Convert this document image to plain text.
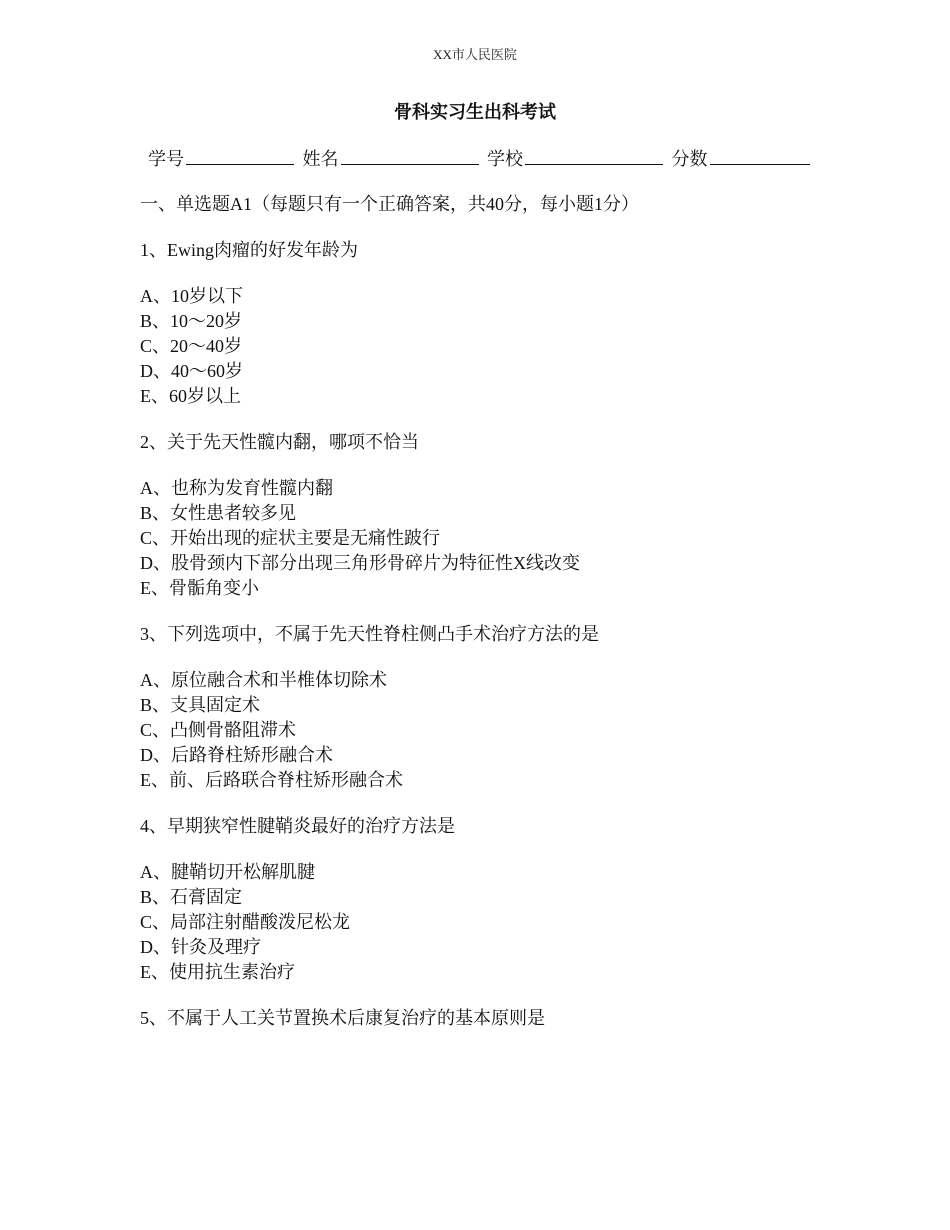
XX市人民医院
骨科实习生出科考试
学号	姓名	学校	分数
一、单选题A1（每题只有一个正确答案，共40分，每小题1分）
1、Ewing肉瘤的好发年龄为
A、10岁以下
B、10～20岁
C、20～40岁
D、40～60岁
E、60岁以上
2、关于先天性髋内翻，哪项不恰当
A、也称为发育性髋内翻
B、女性患者较多见
C、开始出现的症状主要是无痛性跛行
D、股骨颈内下部分出现三角形骨碎片为特征性X线改变
E、骨骺角变小
3、下列选项中，不属于先天性脊柱侧凸手术治疗方法的是
A、原位融合术和半椎体切除术
B、支具固定术
C、凸侧骨骼阻滞术
D、后路脊柱矫形融合术
E、前、后路联合脊柱矫形融合术
4、早期狭窄性腱鞘炎最好的治疗方法是
A、腱鞘切开松解肌腱
B、石膏固定
C、局部注射醋酸泼尼松龙
D、针灸及理疗
E、使用抗生素治疗
5、不属于人工关节置换术后康复治疗的基本原则是
